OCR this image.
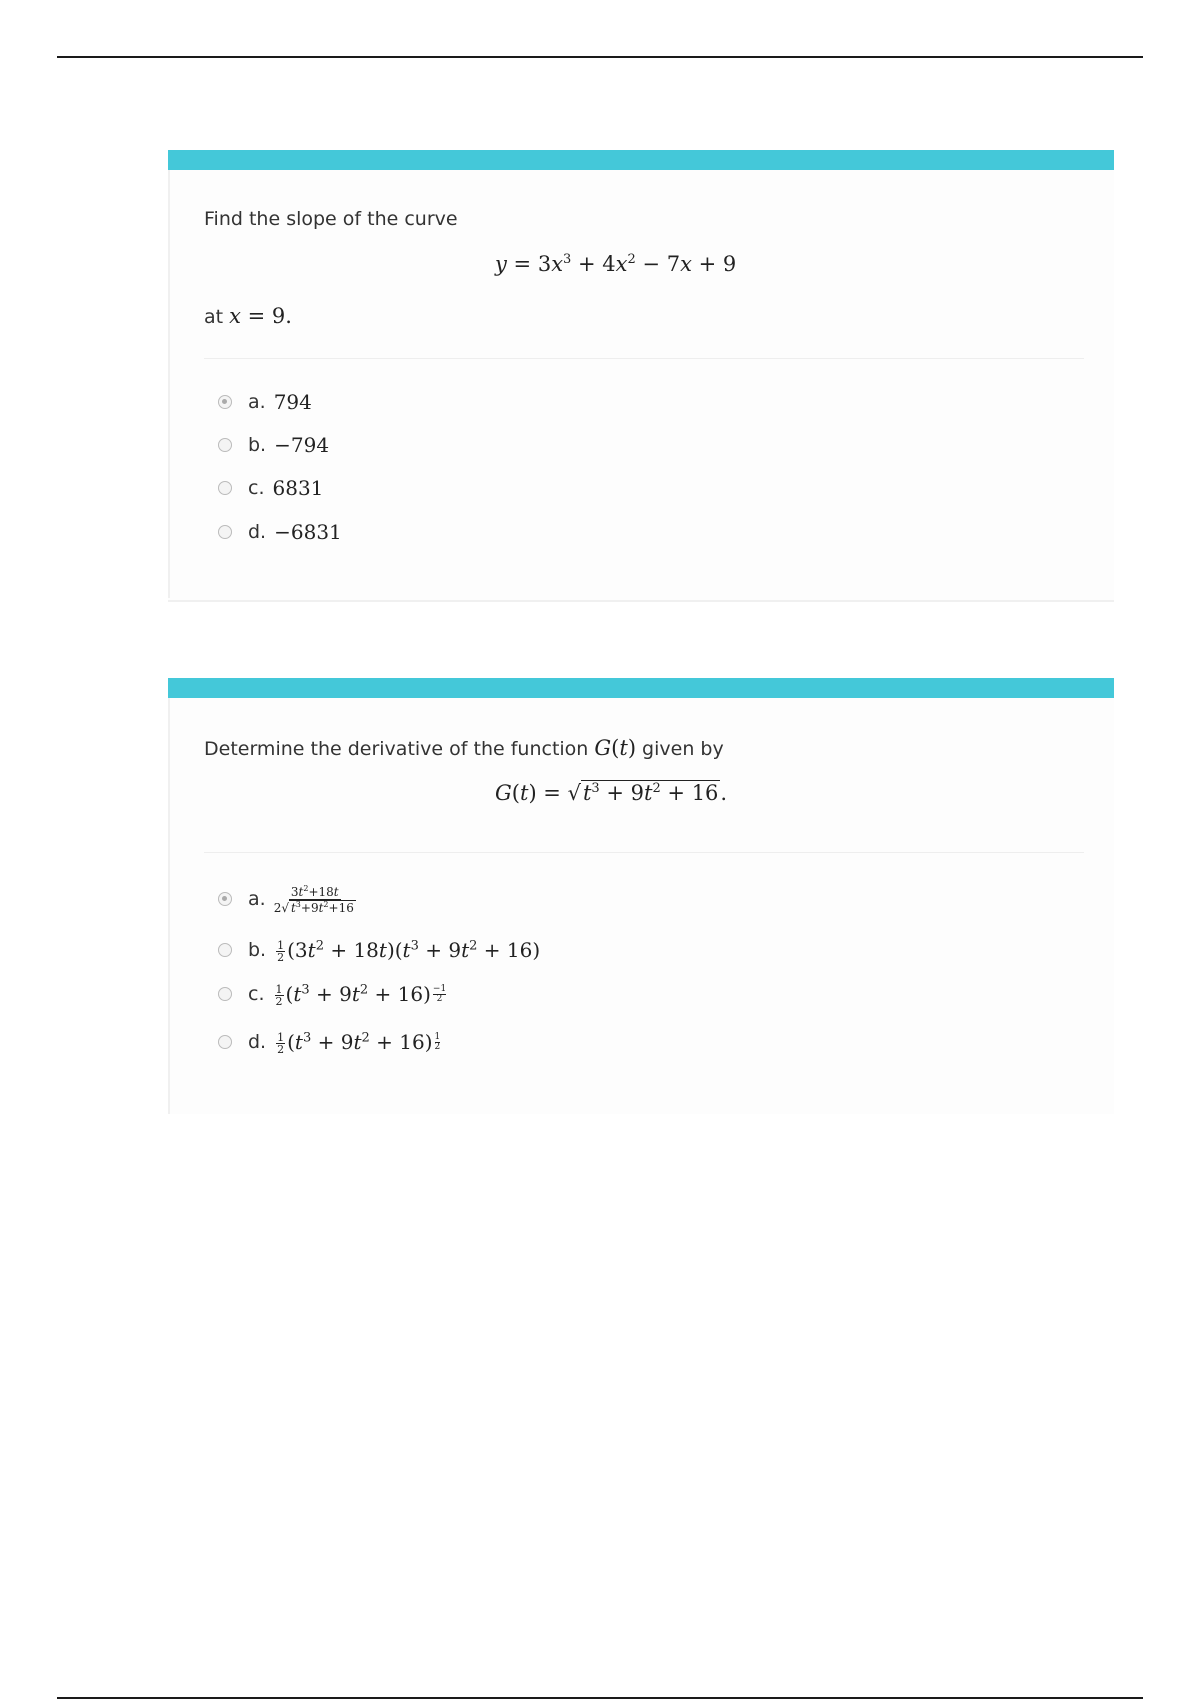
Find the slope of the curve
$y = 3x^3 + 4x^2 - 7x + 9$
at x = 9.
a. 794
b. −794
c. 6831
d. −6831
Determine the derivative of the function G(t) given by
$G(t) = √t^3 + 9t^2 + 16$.
a. $\frac{3t^2+18t}{2√ t^3+9t^2+16}$
b. $\frac{1}{2} (3t^2 + 18t)(t^3 + 9t^2 + 16)$
c. $\frac{1}{2} (t^3 + 9t^2 + 16) \frac{-1}{2}$
d. $\frac{1}{2} (t^3 + 9t^2 + 16) \frac{1}{2}$
